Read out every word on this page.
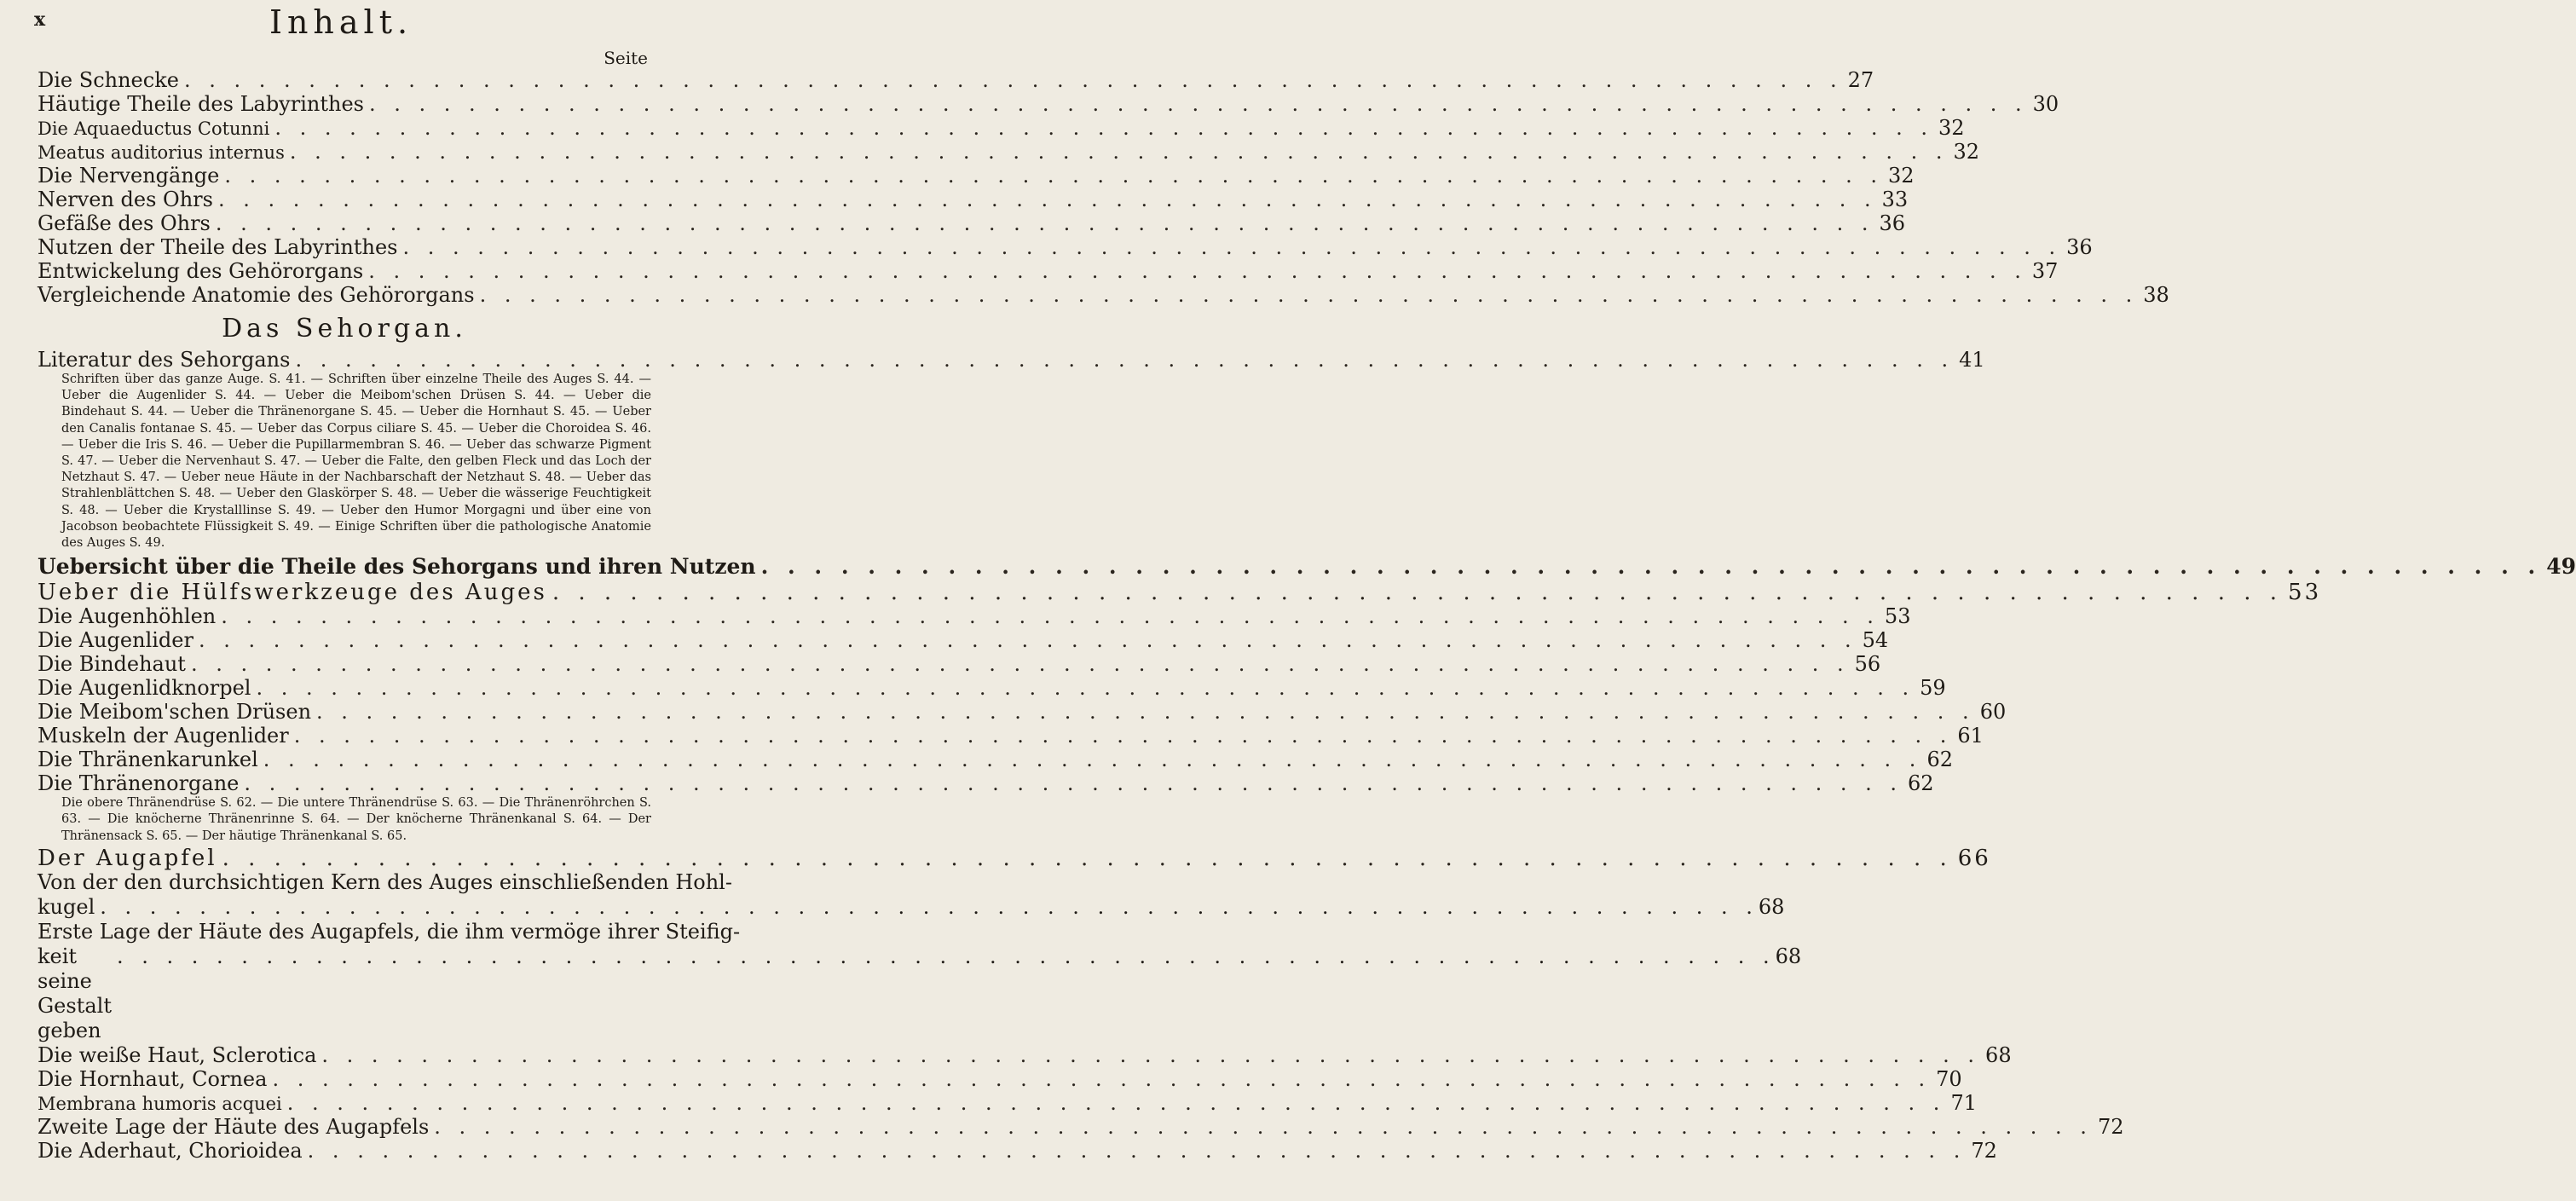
x	Inhalt.
Seite
Die Schnecke . . . . . . . . . . . . . . . . . . . . . . . . . . . . . . . . . . . . . . . . . . . . . . . . . . . . . . . . . . . . . . . . . . . 27
Häutige Theile des Labyrinthes . . . . . . . . . . . . . . . . . . . . . . . . . . . . . . . . . . . . . . . . . . . . . . . . . . . . . . . . . . . . . . . . . . . 30
Die Aquaeductus Cotunni . . . . . . . . . . . . . . . . . . . . . . . . . . . . . . . . . . . . . . . . . . . . . . . . . . . . . . . . . . . . . . . . . . . 32
Meatus auditorius internus . . . . . . . . . . . . . . . . . . . . . . . . . . . . . . . . . . . . . . . . . . . . . . . . . . . . . . . . . . . . . . . . . . . 32
Die Nervengänge . . . . . . . . . . . . . . . . . . . . . . . . . . . . . . . . . . . . . . . . . . . . . . . . . . . . . . . . . . . . . . . . . . . 32
Nerven des Ohrs . . . . . . . . . . . . . . . . . . . . . . . . . . . . . . . . . . . . . . . . . . . . . . . . . . . . . . . . . . . . . . . . . . . 33
Gefäße des Ohrs . . . . . . . . . . . . . . . . . . . . . . . . . . . . . . . . . . . . . . . . . . . . . . . . . . . . . . . . . . . . . . . . . . . 36
Nutzen der Theile des Labyrinthes . . . . . . . . . . . . . . . . . . . . . . . . . . . . . . . . . . . . . . . . . . . . . . . . . . . . . . . . . . . . . . . . . . . 36
Entwickelung des Gehörorgans . . . . . . . . . . . . . . . . . . . . . . . . . . . . . . . . . . . . . . . . . . . . . . . . . . . . . . . . . . . . . . . . . . . 37
Vergleichende Anatomie des Gehörorgans . . . . . . . . . . . . . . . . . . . . . . . . . . . . . . . . . . . . . . . . . . . . . . . . . . . . . . . . . . . . . . . . . . . 38
Das Sehorgan.
Literatur des Sehorgans . . . . . . . . . . . . . . . . . . . . . . . . . . . . . . . . . . . . . . . . . . . . . . . . . . . . . . . . . . . . . . . . . . . 41
Schriften über das ganze Auge. S. 41. — Schriften über einzelne Theile des Auges S. 44. — Ueber die Augenlider S. 44. — Ueber die Meibom'schen Drüsen S. 44. — Ueber die Bindehaut S. 44. — Ueber die Thränenorgane S. 45. — Ueber die Hornhaut S. 45. — Ueber den Canalis fontanae S. 45. — Ueber das Corpus ciliare S. 45. — Ueber die Choroidea S. 46. — Ueber die Iris S. 46. — Ueber die Pupillarmembran S. 46. — Ueber das schwarze Pigment S. 47. — Ueber die Nervenhaut S. 47. — Ueber die Falte, den gelben Fleck und das Loch der Netzhaut S. 47. — Ueber neue Häute in der Nachbarschaft der Netzhaut S. 48. — Ueber das Strahlenblättchen S. 48. — Ueber den Glaskörper S. 48. — Ueber die wässerige Feuchtigkeit S. 48. — Ueber die Krystalllinse S. 49. — Ueber den Humor Morgagni und über eine von Jacobson beobachtete Flüssigkeit S. 49. — Einige Schriften über die pathologische Anatomie des Auges S. 49.
Uebersicht über die Theile des Sehorgans und ihren Nutzen . . . . . . . . . . . . . . . . . . . . . . . . . . . . . . . . . . . . . . . . . . . . . . . . . . . . . . . . . . . . . . . . . . . 49
Ueber die Hülfswerkzeuge des Auges . . . . . . . . . . . . . . . . . . . . . . . . . . . . . . . . . . . . . . . . . . . . . . . . . . . . . . . . . . . . . . . . . . . 53
Die Augenhöhlen . . . . . . . . . . . . . . . . . . . . . . . . . . . . . . . . . . . . . . . . . . . . . . . . . . . . . . . . . . . . . . . . . . . 53
Die Augenlider . . . . . . . . . . . . . . . . . . . . . . . . . . . . . . . . . . . . . . . . . . . . . . . . . . . . . . . . . . . . . . . . . . . 54
Die Bindehaut . . . . . . . . . . . . . . . . . . . . . . . . . . . . . . . . . . . . . . . . . . . . . . . . . . . . . . . . . . . . . . . . . . . 56
Die Augenlidknorpel . . . . . . . . . . . . . . . . . . . . . . . . . . . . . . . . . . . . . . . . . . . . . . . . . . . . . . . . . . . . . . . . . . . 59
Die Meibom'schen Drüsen . . . . . . . . . . . . . . . . . . . . . . . . . . . . . . . . . . . . . . . . . . . . . . . . . . . . . . . . . . . . . . . . . . . 60
Muskeln der Augenlider . . . . . . . . . . . . . . . . . . . . . . . . . . . . . . . . . . . . . . . . . . . . . . . . . . . . . . . . . . . . . . . . . . . 61
Die Thränenkarunkel . . . . . . . . . . . . . . . . . . . . . . . . . . . . . . . . . . . . . . . . . . . . . . . . . . . . . . . . . . . . . . . . . . . 62
Die Thränenorgane . . . . . . . . . . . . . . . . . . . . . . . . . . . . . . . . . . . . . . . . . . . . . . . . . . . . . . . . . . . . . . . . . . . 62
Die obere Thränendrüse S. 62. — Die untere Thränendrüse S. 63. — Die Thränenröhrchen S. 63. — Die knöcherne Thränenrinne S. 64. — Der knöcherne Thränenkanal S. 64. — Der Thränensack S. 65. — Der häutige Thränenkanal S. 65.
Der Augapfel . . . . . . . . . . . . . . . . . . . . . . . . . . . . . . . . . . . . . . . . . . . . . . . . . . . . . . . . . . . . . . . . . . . 66
Von der den durchsichtigen Kern des Auges einschließenden Hohl-
kugel . . . . . . . . . . . . . . . . . . . . . . . . . . . . . . . . . . . . . . . . . . . . . . . . . . . . . . . . . . . . . . . . . . . 68
Erste Lage der Häute des Augapfels, die ihm vermöge ihrer Steifig-
keit seine Gestalt geben
. . . . . . . . . . . . . . . . . . . . . . . . . . . . . . . . . . . . . . . . . . . . . . . . . . . . . . . . . . . . . . . . . . . 68
Die weiße Haut, Sclerotica . . . . . . . . . . . . . . . . . . . . . . . . . . . . . . . . . . . . . . . . . . . . . . . . . . . . . . . . . . . . . . . . . . . 68
Die Hornhaut, Cornea . . . . . . . . . . . . . . . . . . . . . . . . . . . . . . . . . . . . . . . . . . . . . . . . . . . . . . . . . . . . . . . . . . . 70
Membrana humoris acquei . . . . . . . . . . . . . . . . . . . . . . . . . . . . . . . . . . . . . . . . . . . . . . . . . . . . . . . . . . . . . . . . . . . 71
Zweite Lage der Häute des Augapfels . . . . . . . . . . . . . . . . . . . . . . . . . . . . . . . . . . . . . . . . . . . . . . . . . . . . . . . . . . . . . . . . . . . 72
Die Aderhaut, Chorioidea . . . . . . . . . . . . . . . . . . . . . . . . . . . . . . . . . . . . . . . . . . . . . . . . . . . . . . . . . . . . . . . . . . . 72
